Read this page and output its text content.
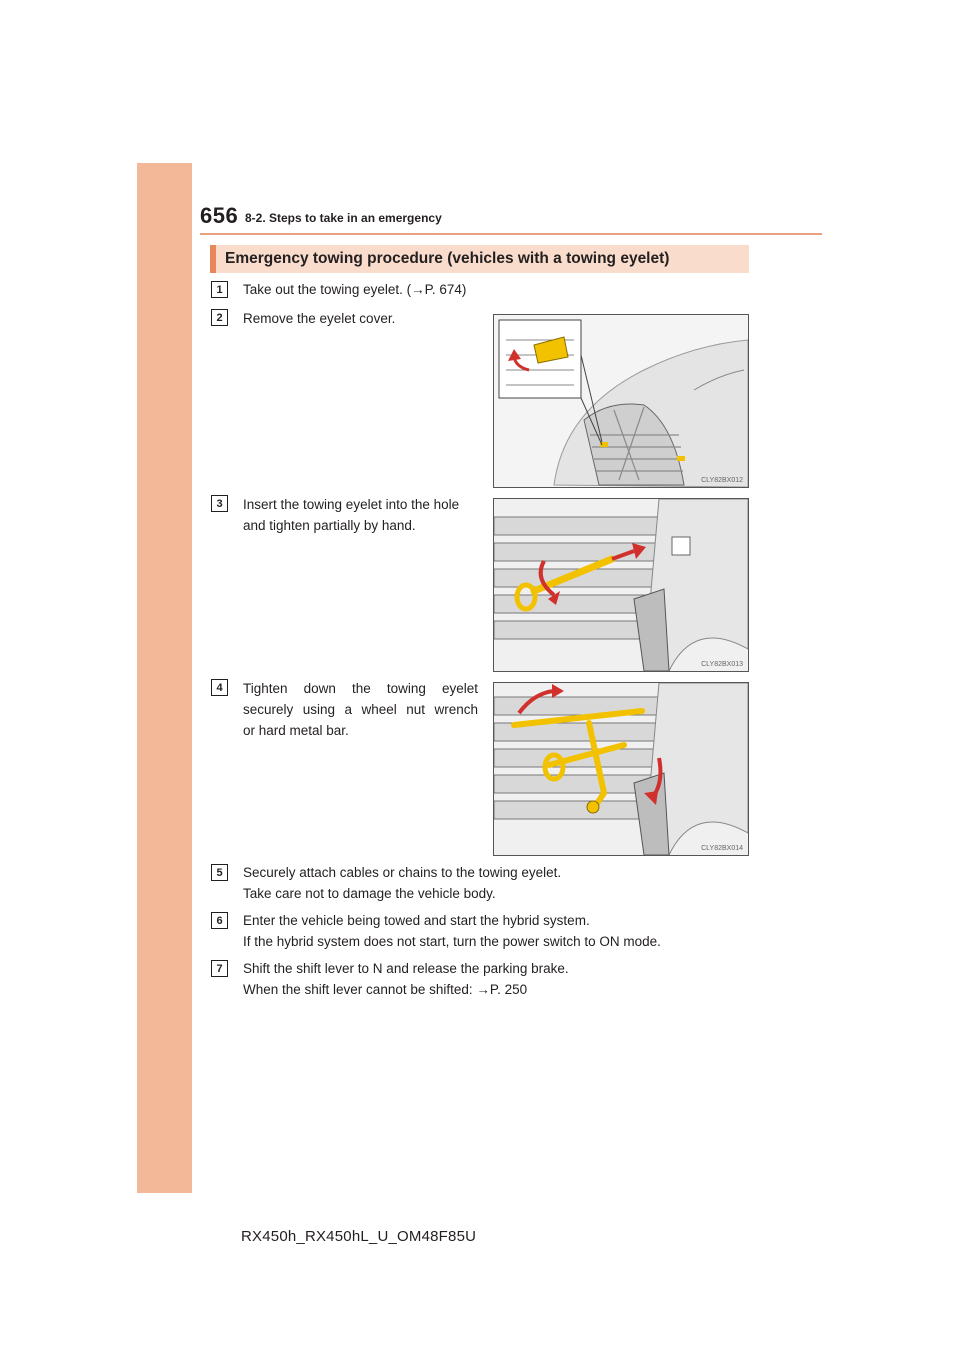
656 8-2. Steps to take in an emergency
Emergency towing procedure (vehicles with a towing eyelet)
1	Take out the towing eyelet. (→P. 674)
2	Remove the eyelet cover.
CLY82BX012
3	Insert the towing eyelet into the hole
and tighten partially by hand.
CLY82BX013
4	Tighten down the towing eyelet
securely using a wheel nut wrench
or hard metal bar.
CLY82BX014
5	Securely attach cables or chains to the towing eyelet.
Take care not to damage the vehicle body.
6	Enter the vehicle being towed and start the hybrid system.
If the hybrid system does not start, turn the power switch to ON mode.
7	Shift the shift lever to N and release the parking brake.
When the shift lever cannot be shifted: →P. 250
RX450h_RX450hL_U_OM48F85U
